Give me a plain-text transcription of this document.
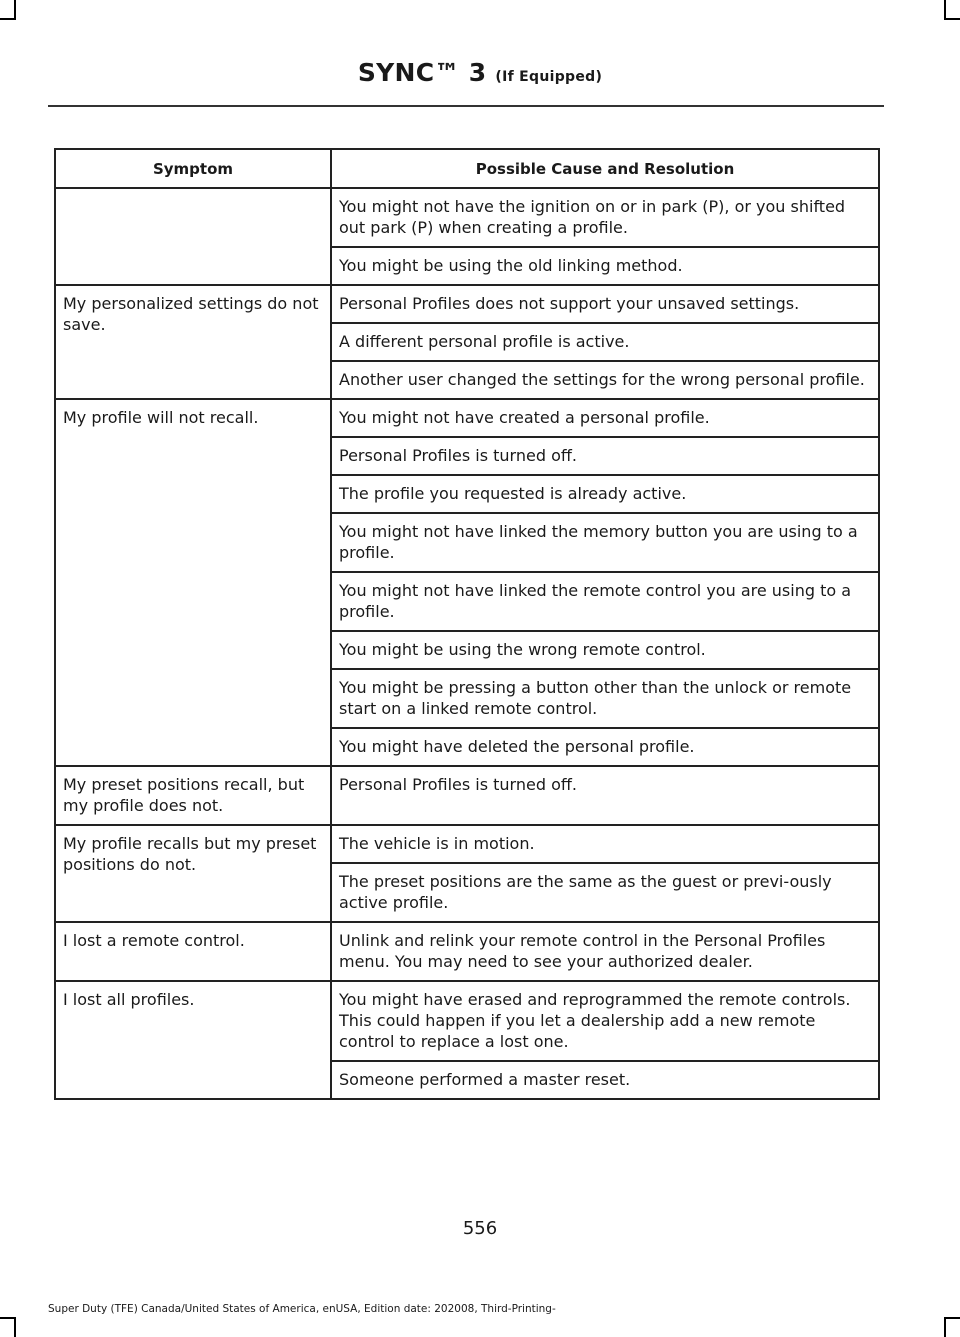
SYNC™ 3 (If Equipped)
Symptom	Possible Cause and Resolution
	You might not have the ignition on or in park (P), or you shifted out park (P) when creating a profile.
	You might be using the old linking method.
My personalized settings do not save.	Personal Profiles does not support your unsaved settings.
	A different personal profile is active.
	Another user changed the settings for the wrong personal profile.
My profile will not recall.	You might not have created a personal profile.
	Personal Profiles is turned off.
	The profile you requested is already active.
	You might not have linked the memory button you are using to a profile.
	You might not have linked the remote control you are using to a profile.
	You might be using the wrong remote control.
	You might be pressing a button other than the unlock or remote start on a linked remote control.
	You might have deleted the personal profile.
My preset positions recall, but my profile does not.	Personal Profiles is turned off.
My profile recalls but my preset positions do not.	The vehicle is in motion.
	The preset positions are the same as the guest or previ-ously active profile.
I lost a remote control.	Unlink and relink your remote control in the Personal Profiles menu. You may need to see your authorized dealer.
I lost all profiles.	You might have erased and reprogrammed the remote controls. This could happen if you let a dealership add a new remote control to replace a lost one.
	Someone performed a master reset.
556
Super Duty (TFE) Canada/United States of America, enUSA, Edition date: 202008, Third-Printing-
